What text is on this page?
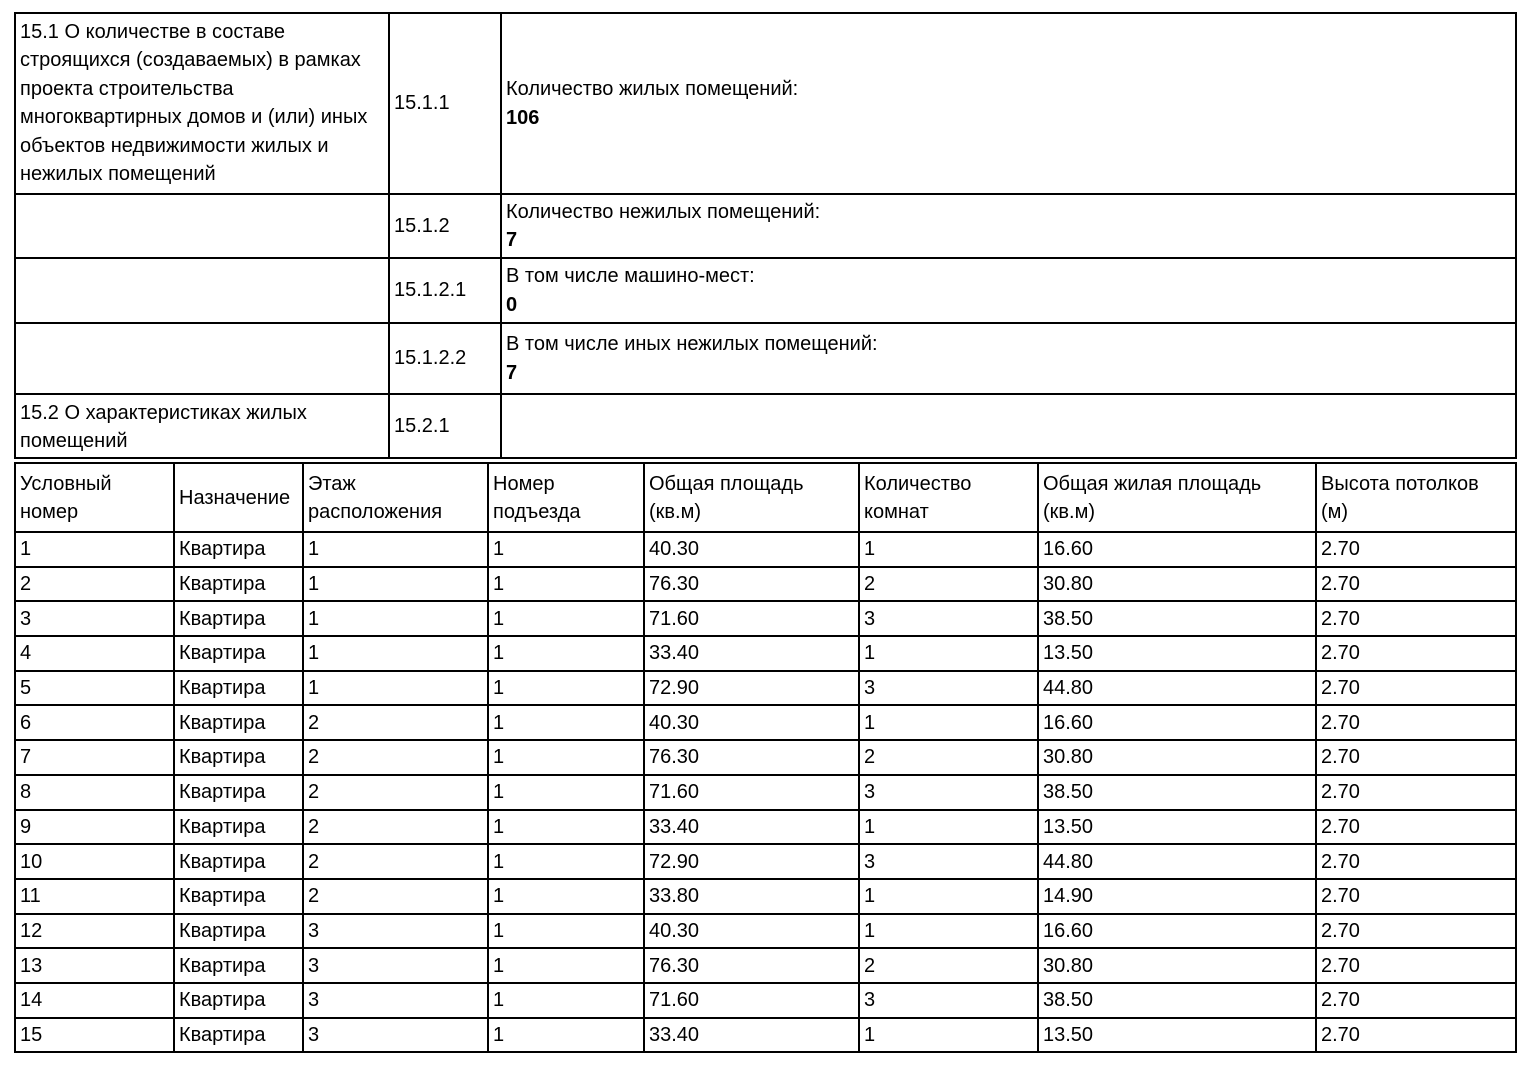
15.1 О количестве в составе строящихся (создаваемых) в рамках проекта строительства многоквартирных домов и (или) иных объектов недвижимости жилых и нежилых помещений	15.1.1	Количество жилых помещений:
106

	15.1.2	Количество нежилых помещений:
7

	15.1.2.1	В том числе машино-мест:
0

	15.1.2.2	В том числе иных нежилых помещений:
7

15.2 О характеристиках жилых помещений	15.2.1	
Условный номер	Назначение	Этаж расположения	Номер подъезда	Общая площадь (кв.м)	Количество комнат	Общая жилая площадь (кв.м)	Высота потолков (м)
1	Квартира	1	1	40.30	1	16.60	2.70
2	Квартира	1	1	76.30	2	30.80	2.70
3	Квартира	1	1	71.60	3	38.50	2.70
4	Квартира	1	1	33.40	1	13.50	2.70
5	Квартира	1	1	72.90	3	44.80	2.70
6	Квартира	2	1	40.30	1	16.60	2.70
7	Квартира	2	1	76.30	2	30.80	2.70
8	Квартира	2	1	71.60	3	38.50	2.70
9	Квартира	2	1	33.40	1	13.50	2.70
10	Квартира	2	1	72.90	3	44.80	2.70
11	Квартира	2	1	33.80	1	14.90	2.70
12	Квартира	3	1	40.30	1	16.60	2.70
13	Квартира	3	1	76.30	2	30.80	2.70
14	Квартира	3	1	71.60	3	38.50	2.70
15	Квартира	3	1	33.40	1	13.50	2.70
